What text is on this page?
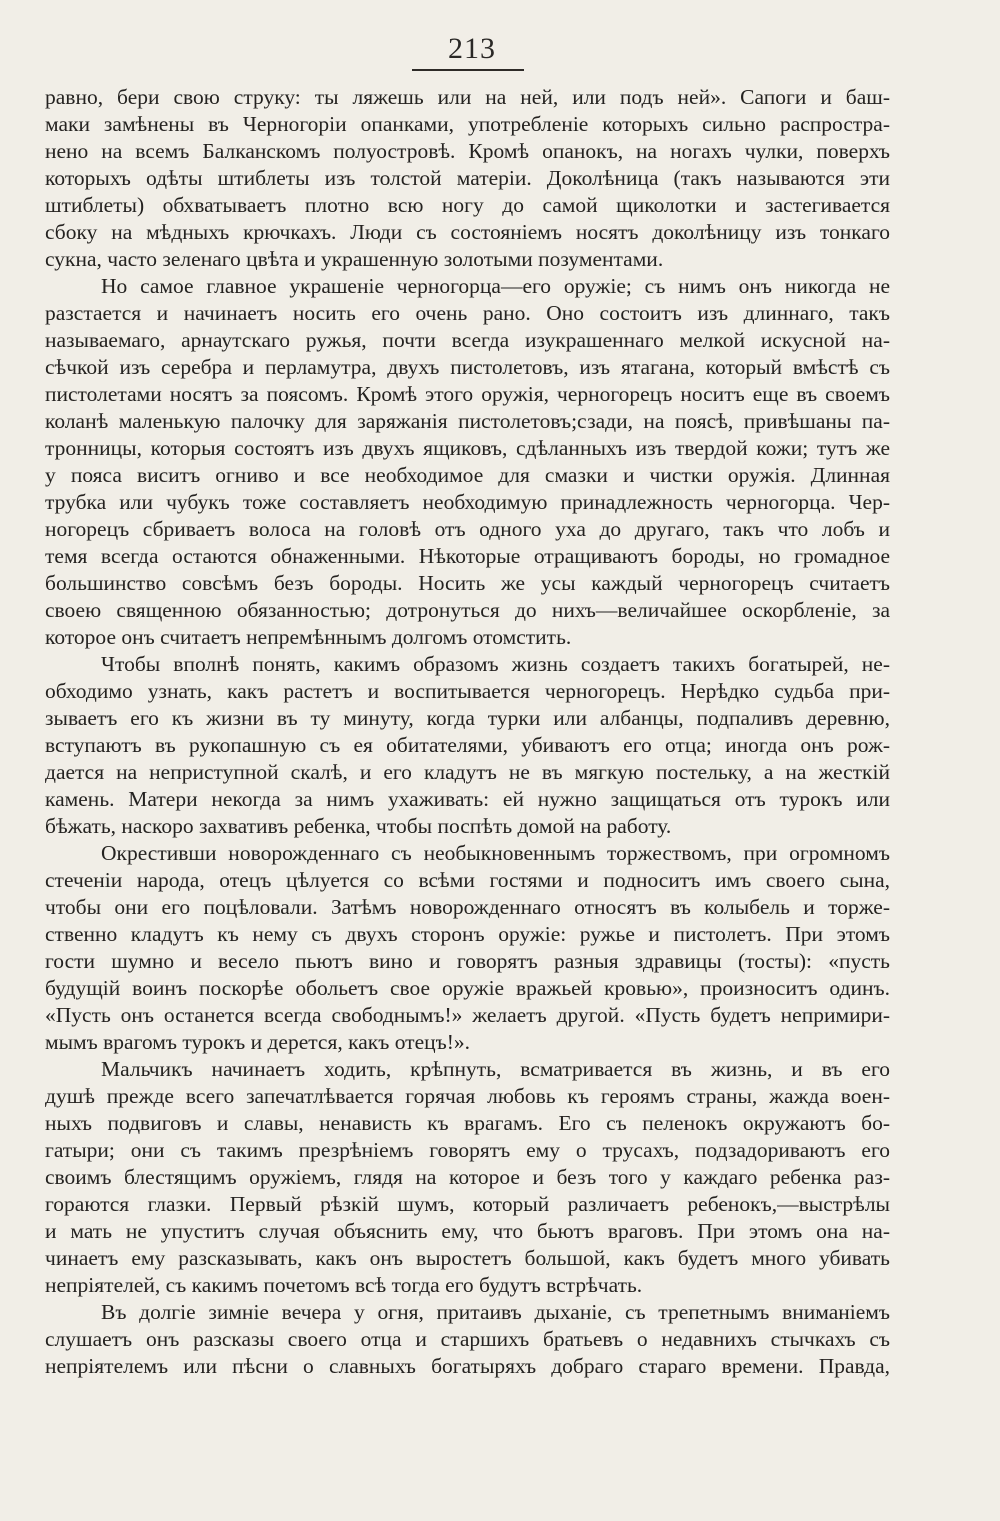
213
равно, бери свою струку: ты ляжешь или на ней, или подъ ней». Сапоги и баш-
маки замѣнены въ Черногоріи опанками, употребленіе которыхъ сильно распростра-
нено на всемъ Балканскомъ полуостровѣ. Кромѣ опанокъ, на ногахъ чулки, поверхъ
которыхъ одѣты штиблеты изъ толстой матеріи. Доколѣница (такъ называются эти
штиблеты) обхватываетъ плотно всю ногу до самой щиколотки и застегивается
сбоку на мѣдныхъ крючкахъ. Люди съ состояніемъ носятъ доколѣницу изъ тонкаго
сукна, часто зеленаго цвѣта и украшенную золотыми позументами.
Но самое главное украшеніе черногорца—его оружіе; съ нимъ онъ никогда не
разстается и начинаетъ носить его очень рано. Оно состоитъ изъ длиннаго, такъ
называемаго, арнаутскаго ружья, почти всегда изукрашеннаго мелкой искусной на-
сѣчкой изъ серебра и перламутра, двухъ пистолетовъ, изъ ятагана, который вмѣстѣ съ
пистолетами носятъ за поясомъ. Кромѣ этого оружія, черногорецъ носитъ еще въ своемъ
коланѣ маленькую палочку для заряжанія пистолетовъ;сзади, на поясѣ, привѣшаны па-
тронницы, которыя состоятъ изъ двухъ ящиковъ, сдѣланныхъ изъ твердой кожи; тутъ же
у пояса виситъ огниво и все необходимое для смазки и чистки оружія. Длинная
трубка или чубукъ тоже составляетъ необходимую принадлежность черногорца. Чер-
ногорецъ сбриваетъ волоса на головѣ отъ одного уха до другаго, такъ что лобъ и
темя всегда остаются обнаженными. Нѣкоторые отращиваютъ бороды, но громадное
большинство совсѣмъ безъ бороды. Носить же усы каждый черногорецъ считаетъ
своею священною обязанностью; дотронуться до нихъ—величайшее оскорбленіе, за
которое онъ считаетъ непремѣннымъ долгомъ отомстить.
Чтобы вполнѣ понять, какимъ образомъ жизнь создаетъ такихъ богатырей, не-
обходимо узнать, какъ растетъ и воспитывается черногорецъ. Нерѣдко судьба при-
зываетъ его къ жизни въ ту минуту, когда турки или албанцы, подпаливъ деревню,
вступаютъ въ рукопашную съ ея обитателями, убиваютъ его отца; иногда онъ рож-
дается на неприступной скалѣ, и его кладутъ не въ мягкую постельку, а на жесткій
камень. Матери некогда за нимъ ухаживать: ей нужно защищаться отъ турокъ или
бѣжать, наскоро захвативъ ребенка, чтобы поспѣть домой на работу.
Окрестивши новорожденнаго съ необыкновеннымъ торжествомъ, при огромномъ
стеченіи народа, отецъ цѣлуется со всѣми гостями и подноситъ имъ своего сына,
чтобы они его поцѣловали. Затѣмъ новорожденнаго относятъ въ колыбель и торже-
ственно кладутъ къ нему съ двухъ сторонъ оружіе: ружье и пистолетъ. При этомъ
гости шумно и весело пьютъ вино и говорятъ разныя здравицы (тосты): «пусть
будущій воинъ поскорѣе обольетъ свое оружіе вражьей кровью», произноситъ одинъ.
«Пусть онъ останется всегда свободнымъ!» желаетъ другой. «Пусть будетъ непримири-
мымъ врагомъ турокъ и дерется, какъ отецъ!».
Мальчикъ начинаетъ ходить, крѣпнуть, всматривается въ жизнь, и въ его
душѣ прежде всего запечатлѣвается горячая любовь къ героямъ страны, жажда воен-
ныхъ подвиговъ и славы, ненависть къ врагамъ. Его съ пеленокъ окружаютъ бо-
гатыри; они съ такимъ презрѣніемъ говорятъ ему о трусахъ, подзадориваютъ его
своимъ блестящимъ оружіемъ, глядя на которое и безъ того у каждаго ребенка раз-
гораются глазки. Первый рѣзкій шумъ, который различаетъ ребенокъ,—выстрѣлы
и мать не упуститъ случая объяснить ему, что бьютъ враговъ. При этомъ она на-
чинаетъ ему разсказывать, какъ онъ выростетъ большой, какъ будетъ много убивать
непріятелей, съ какимъ почетомъ всѣ тогда его будутъ встрѣчать.
Въ долгіе зимніе вечера у огня, притаивъ дыханіе, съ трепетнымъ вниманіемъ
слушаетъ онъ разсказы своего отца и старшихъ братьевъ о недавнихъ стычкахъ съ
непріятелемъ или пѣсни о славныхъ богатыряхъ добраго стараго времени. Правда,
